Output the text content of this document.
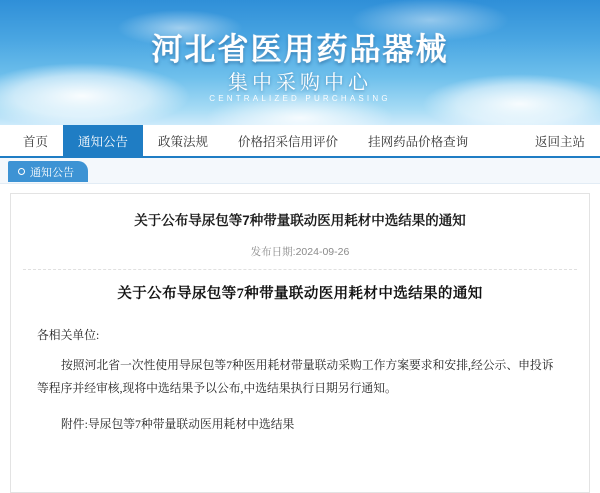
河北省医用药品器械
集中采购中心
CENTRALIZED PURCHASING
首页	通知公告	政策法规	价格招采信用评价	挂网药品价格查询	返回主站
通知公告
关于公布导尿包等7种带量联动医用耗材中选结果的通知
发布日期:2024-09-26
关于公布导尿包等7种带量联动医用耗材中选结果的通知

各相关单位:

按照河北省一次性使用导尿包等7种医用耗材带量联动采购工作方案要求和安排,经公示、申投诉等程序并经审核,现将中选结果予以公布,中选结果执行日期另行通知。

附件:导尿包等7种带量联动医用耗材中选结果
